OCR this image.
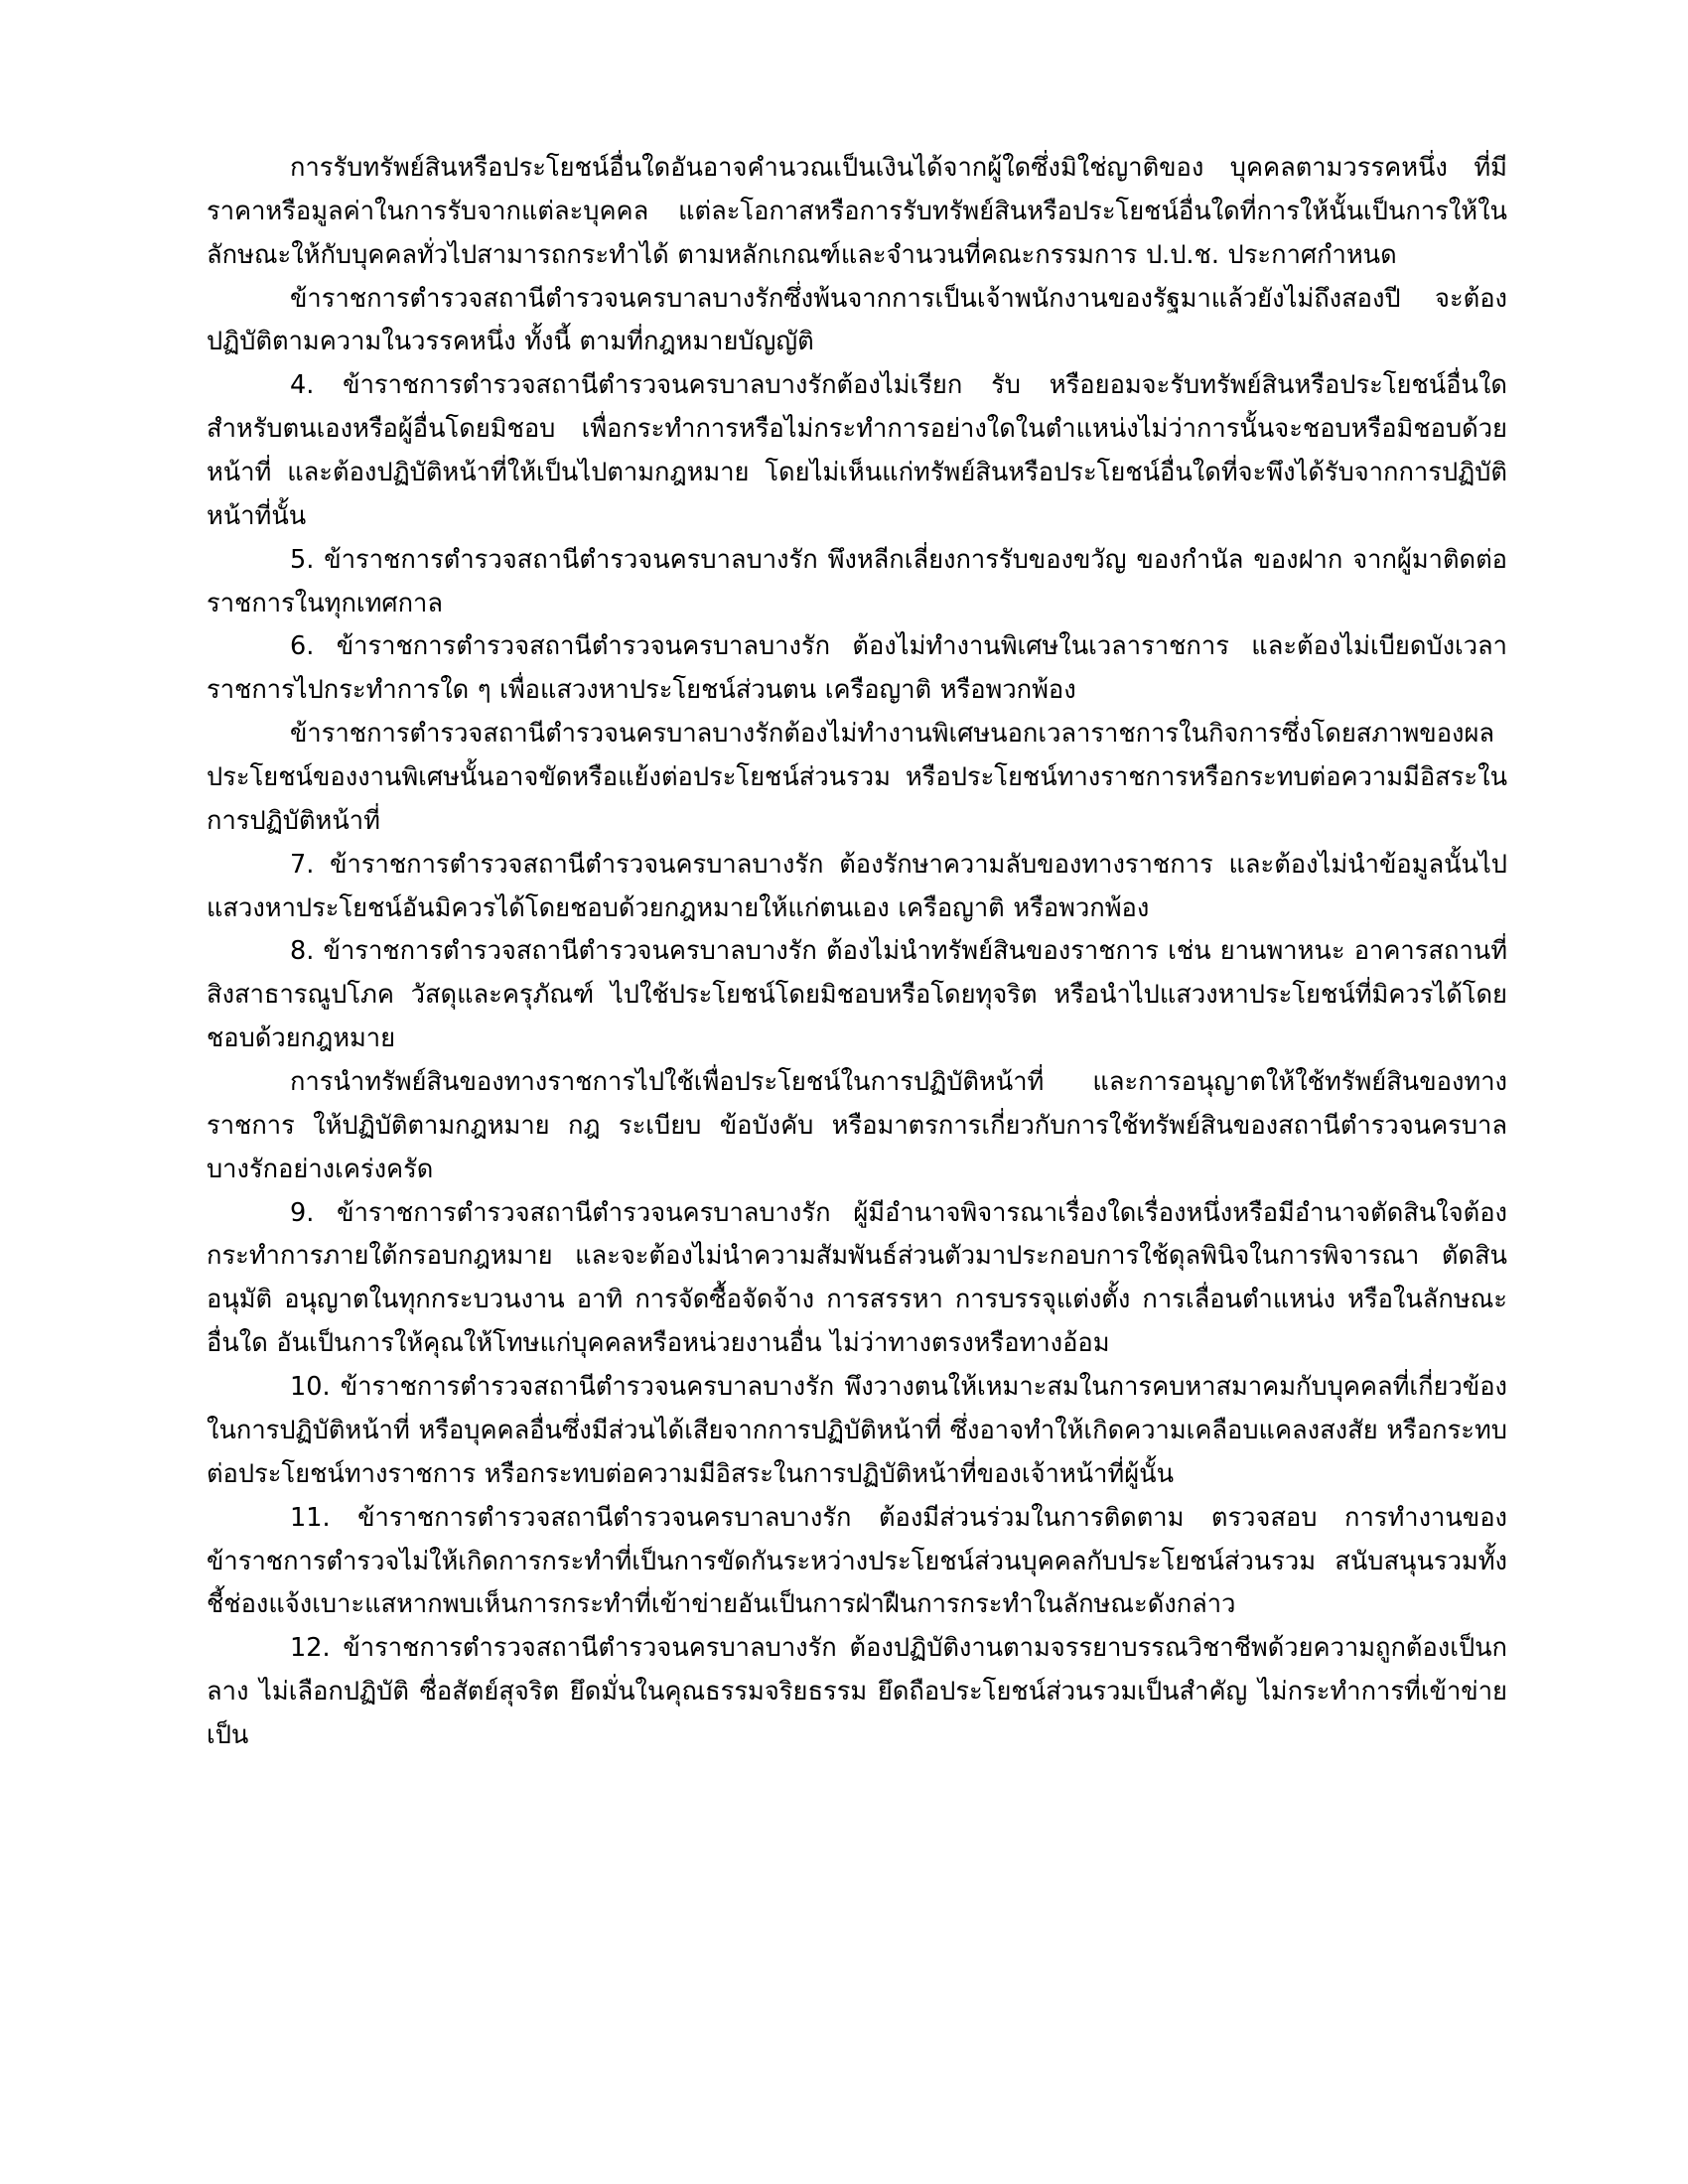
การรับทรัพย์สินหรือประโยชน์อื่นใดอันอาจคำนวณเป็นเงินได้จากผู้ใดซึ่งมิใช่ญาติของ บุคคลตามวรรคหนึ่ง ที่มีราคาหรือมูลค่าในการรับจากแต่ละบุคคล แต่ละโอกาสหรือการรับทรัพย์สินหรือประโยชน์อื่นใดที่การให้นั้นเป็นการให้ในลักษณะให้กับบุคคลทั่วไปสามารถกระทำได้ ตามหลักเกณฑ์และจำนวนที่คณะกรรมการ ป.ป.ช. ประกาศกำหนด

ข้าราชการตำรวจสถานีตำรวจนครบาลบางรักซึ่งพ้นจากการเป็นเจ้าพนักงานของรัฐมาแล้วยังไม่ถึงสองปี จะต้องปฏิบัติตามความในวรรคหนึ่ง ทั้งนี้ ตามที่กฎหมายบัญญัติ

4. ข้าราชการตำรวจสถานีตำรวจนครบาลบางรักต้องไม่เรียก รับ หรือยอมจะรับทรัพย์สินหรือประโยชน์อื่นใดสำหรับตนเองหรือผู้อื่นโดยมิชอบ เพื่อกระทำการหรือไม่กระทำการอย่างใดในตำแหน่งไม่ว่าการนั้นจะชอบหรือมิชอบด้วยหน้าที่ และต้องปฏิบัติหน้าที่ให้เป็นไปตามกฎหมาย โดยไม่เห็นแก่ทรัพย์สินหรือประโยชน์อื่นใดที่จะพึงได้รับจากการปฏิบัติหน้าที่นั้น

5. ข้าราชการตำรวจสถานีตำรวจนครบาลบางรัก พึงหลีกเลี่ยงการรับของขวัญ ของกำนัล ของฝาก จากผู้มาติดต่อราชการในทุกเทศกาล

6. ข้าราชการตำรวจสถานีตำรวจนครบาลบางรัก ต้องไม่ทำงานพิเศษในเวลาราชการ และต้องไม่เบียดบังเวลาราชการไปกระทำการใด ๆ เพื่อแสวงหาประโยชน์ส่วนตน เครือญาติ หรือพวกพ้อง

ข้าราชการตำรวจสถานีตำรวจนครบาลบางรักต้องไม่ทำงานพิเศษนอกเวลาราชการในกิจการซึ่งโดยสภาพของผลประโยชน์ของงานพิเศษนั้นอาจขัดหรือแย้งต่อประโยชน์ส่วนรวม หรือประโยชน์ทางราชการหรือกระทบต่อความมีอิสระในการปฏิบัติหน้าที่

7. ข้าราชการตำรวจสถานีตำรวจนครบาลบางรัก ต้องรักษาความลับของทางราชการ และต้องไม่นำข้อมูลนั้นไปแสวงหาประโยชน์อันมิควรได้โดยชอบด้วยกฎหมายให้แก่ตนเอง เครือญาติ หรือพวกพ้อง

8. ข้าราชการตำรวจสถานีตำรวจนครบาลบางรัก ต้องไม่นำทรัพย์สินของราชการ เช่น ยานพาหนะ อาคารสถานที่ สิงสาธารณูปโภค วัสดุและครุภัณฑ์ ไปใช้ประโยชน์โดยมิชอบหรือโดยทุจริต หรือนำไปแสวงหาประโยชน์ที่มิควรได้โดยชอบด้วยกฎหมาย

การนำทรัพย์สินของทางราชการไปใช้เพื่อประโยชน์ในการปฏิบัติหน้าที่ และการอนุญาตให้ใช้ทรัพย์สินของทางราชการ ให้ปฏิบัติตามกฎหมาย กฎ ระเบียบ ข้อบังคับ หรือมาตรการเกี่ยวกับการใช้ทรัพย์สินของสถานีตำรวจนครบาลบางรักอย่างเคร่งครัด

9. ข้าราชการตำรวจสถานีตำรวจนครบาลบางรัก ผู้มีอำนาจพิจารณาเรื่องใดเรื่องหนึ่งหรือมีอำนาจตัดสินใจต้องกระทำการภายใต้กรอบกฎหมาย และจะต้องไม่นำความสัมพันธ์ส่วนตัวมาประกอบการใช้ดุลพินิจในการพิจารณา ตัดสิน อนุมัติ อนุญาตในทุกกระบวนงาน อาทิ การจัดซื้อจัดจ้าง การสรรหา การบรรจุแต่งตั้ง การเลื่อนตำแหน่ง หรือในลักษณะอื่นใด อันเป็นการให้คุณให้โทษแก่บุคคลหรือหน่วยงานอื่น ไม่ว่าทางตรงหรือทางอ้อม

10. ข้าราชการตำรวจสถานีตำรวจนครบาลบางรัก พึงวางตนให้เหมาะสมในการคบหาสมาคมกับบุคคลที่เกี่ยวข้องในการปฏิบัติหน้าที่ หรือบุคคลอื่นซึ่งมีส่วนได้เสียจากการปฏิบัติหน้าที่ ซึ่งอาจทำให้เกิดความเคลือบแคลงสงสัย หรือกระทบต่อประโยชน์ทางราชการ หรือกระทบต่อความมีอิสระในการปฏิบัติหน้าที่ของเจ้าหน้าที่ผู้นั้น

11. ข้าราชการตำรวจสถานีตำรวจนครบาลบางรัก ต้องมีส่วนร่วมในการติดตาม ตรวจสอบ การทำงานของข้าราชการตำรวจไม่ให้เกิดการกระทำที่เป็นการขัดกันระหว่างประโยชน์ส่วนบุคคลกับประโยชน์ส่วนรวม สนับสนุนรวมทั้งชี้ช่องแจ้งเบาะแสหากพบเห็นการกระทำที่เข้าข่ายอันเป็นการฝ่าฝืนการกระทำในลักษณะดังกล่าว

12. ข้าราชการตำรวจสถานีตำรวจนครบาลบางรัก ต้องปฏิบัติงานตามจรรยาบรรณวิชาชีพด้วยความถูกต้องเป็นกลาง ไม่เลือกปฏิบัติ ซื่อสัตย์สุจริต ยึดมั่นในคุณธรรมจริยธรรม ยึดถือประโยชน์ส่วนรวมเป็นสำคัญ ไม่กระทำการที่เข้าข่ายเป็น
